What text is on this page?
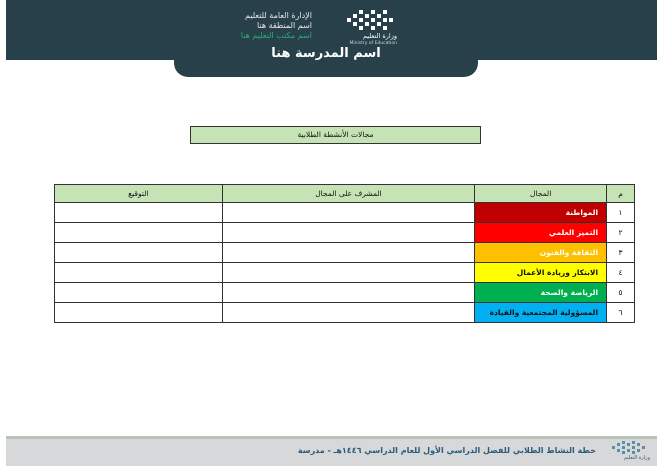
اسم المدرسة هنا
الإدارة العامة للتعليم
اسم المنطقة هنا
اسم مكتب التعليم هنا	وزارة التعليم
Ministry of Education
مجالات الأنشطة الطلابية
م	المجال	المشرف على المجال	التوقيع
١	المواطنة		
٢	التميز العلمي		
٣	الثقافة والفنون		
٤	الابتكار وريادة الأعمال		
٥	الرياضة والصحة		
٦	المسؤولية المجتمعية والقيادة		
خطة النشاط الطلابي للفصل الدراسي الأول للعام الدراسي ١٤٤٦هـ - مدرسة
وزارة التعليم
